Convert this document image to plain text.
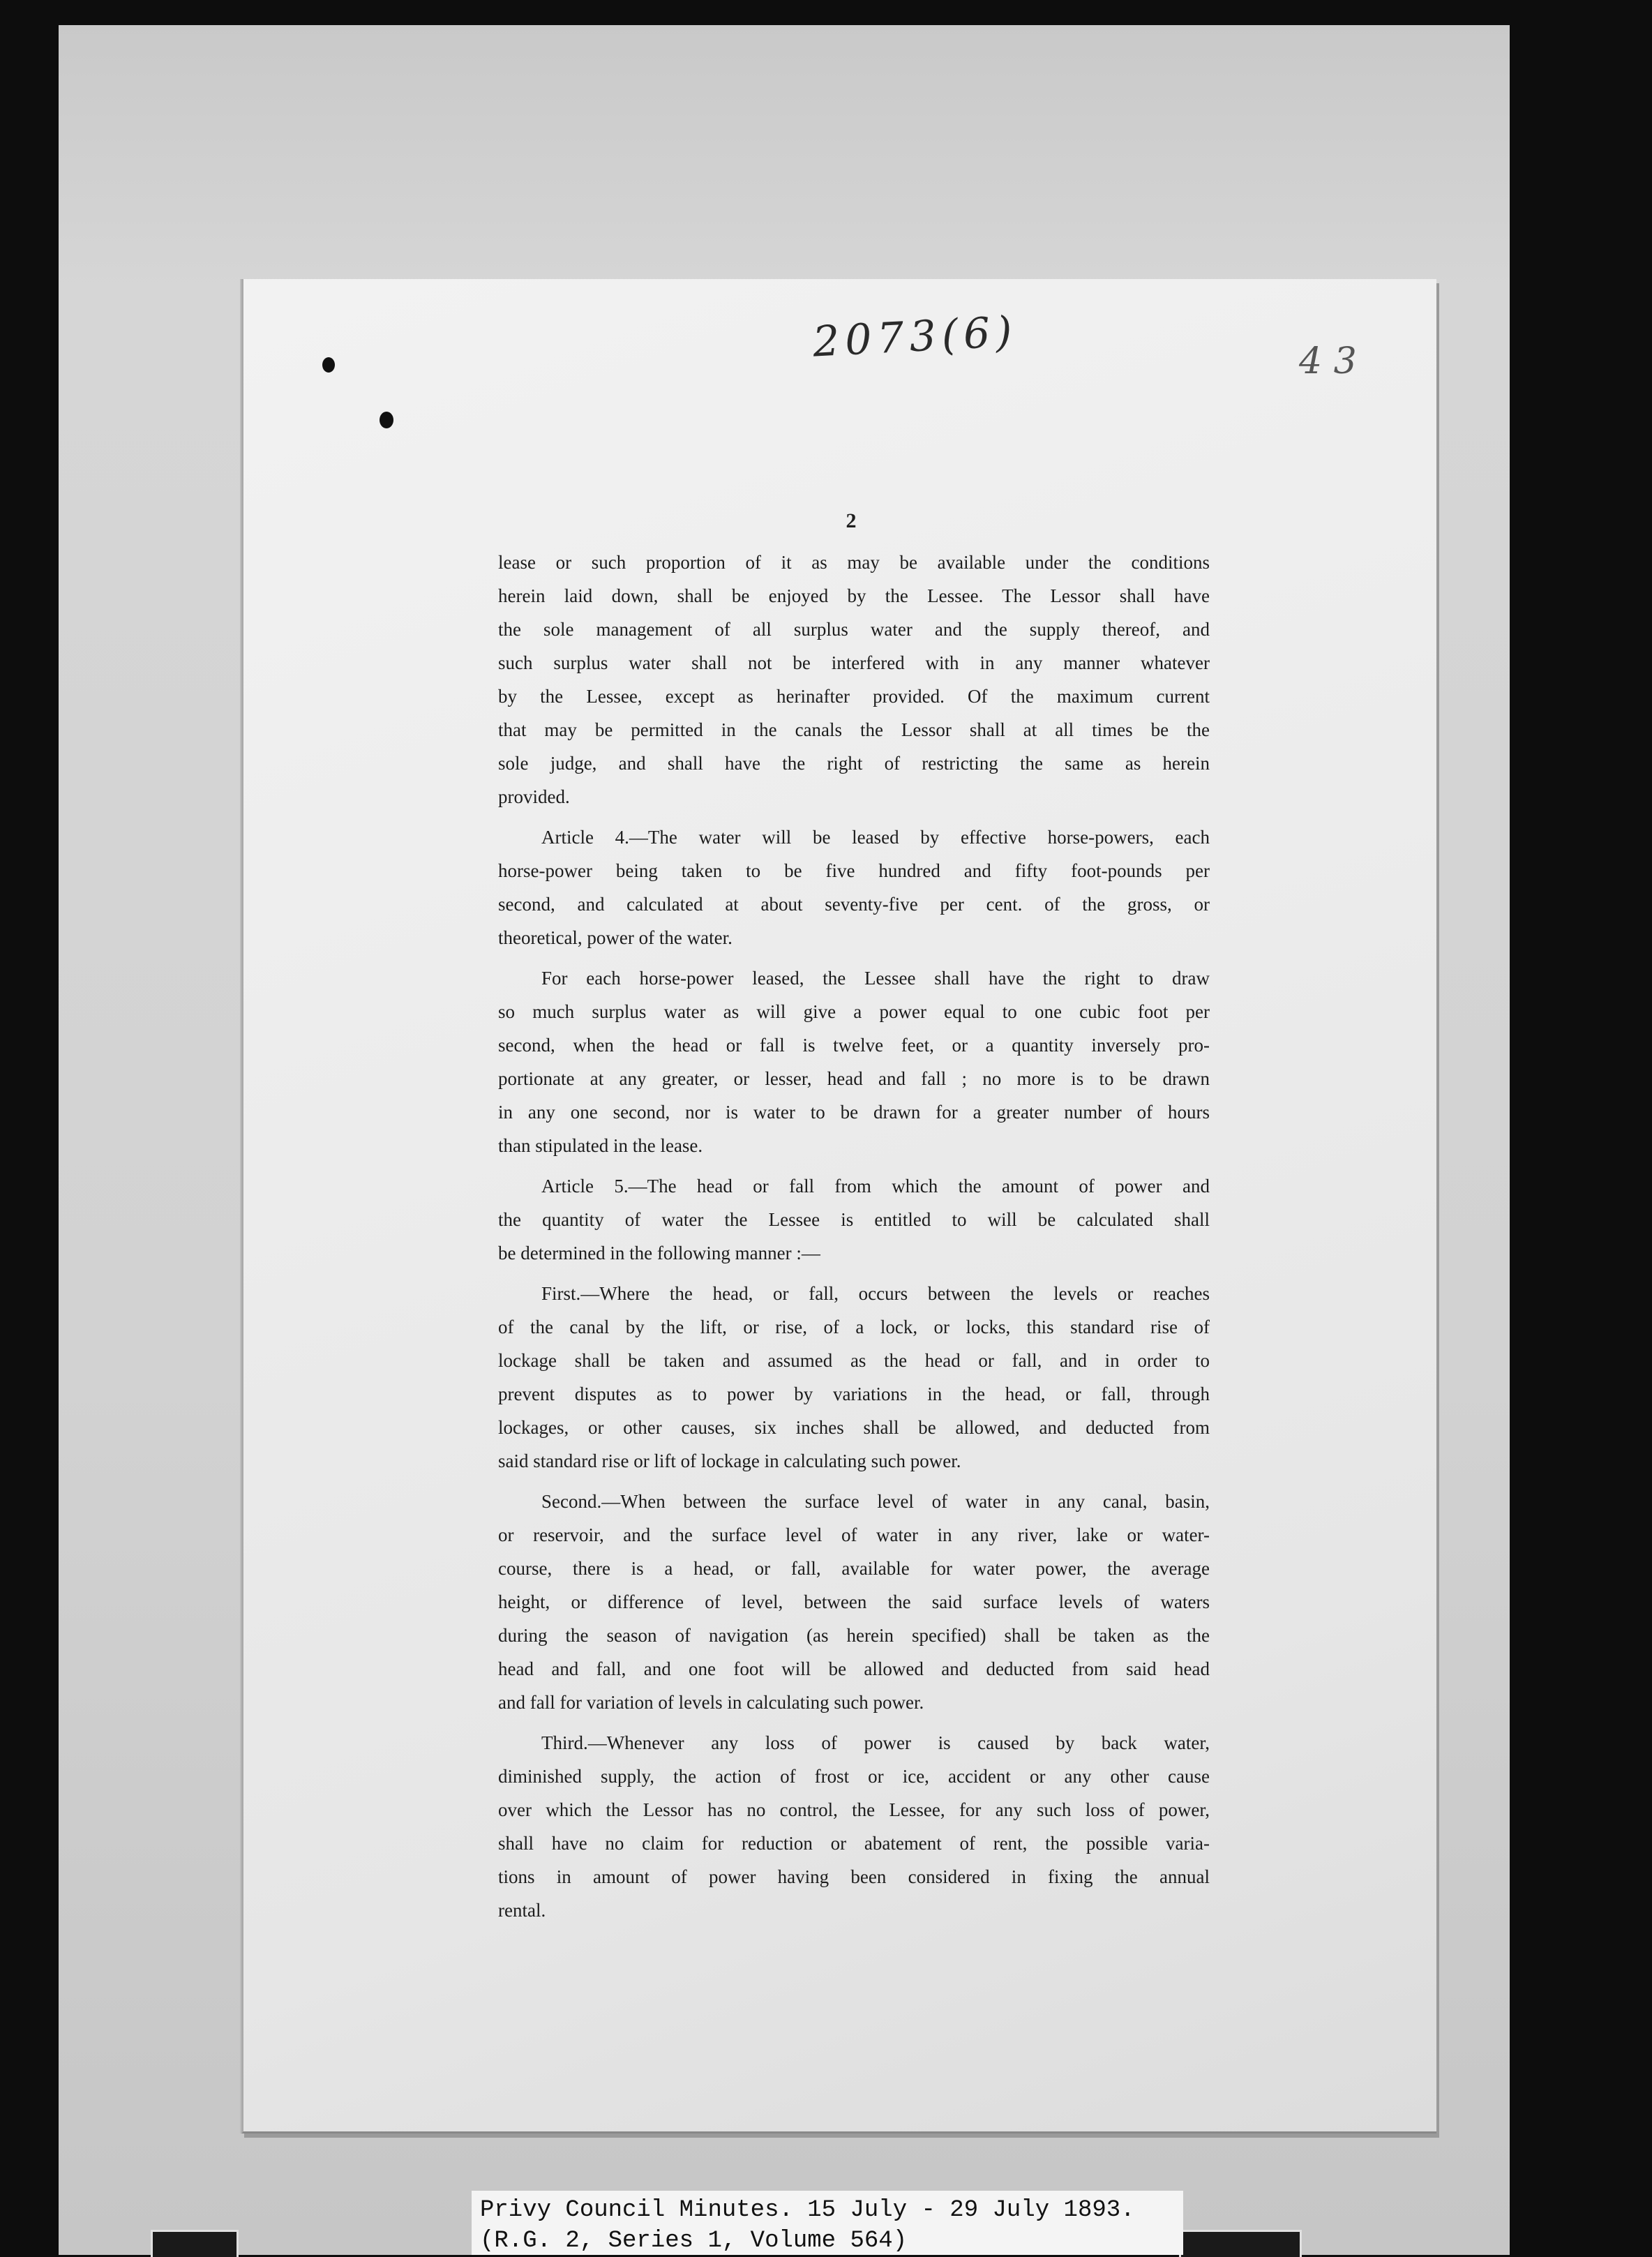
2073(6)	4 3
2
lease or such proportion of it as may be available under the conditions
herein laid down, shall be enjoyed by the Lessee. The Lessor shall have
the sole management of all surplus water and the supply thereof, and
such surplus water shall not be interfered with in any manner whatever
by the Lessee, except as herinafter provided. Of the maximum current
that may be permitted in the canals the Lessor shall at all times be the
sole judge, and shall have the right of restricting the same as herein
provided.
Article 4.—The water will be leased by effective horse-powers, each
horse-power being taken to be five hundred and fifty foot-pounds per
second, and calculated at about seventy-five per cent. of the gross, or
theoretical, power of the water.
For each horse-power leased, the Lessee shall have the right to draw
so much surplus water as will give a power equal to one cubic foot per
second, when the head or fall is twelve feet, or a quantity inversely pro-
portionate at any greater, or lesser, head and fall ; no more is to be drawn
in any one second, nor is water to be drawn for a greater number of hours
than stipulated in the lease.
Article 5.—The head or fall from which the amount of power and
the quantity of water the Lessee is entitled to will be calculated shall
be determined in the following manner :—
First.—Where the head, or fall, occurs between the levels or reaches
of the canal by the lift, or rise, of a lock, or locks, this standard rise of
lockage shall be taken and assumed as the head or fall, and in order to
prevent disputes as to power by variations in the head, or fall, through
lockages, or other causes, six inches shall be allowed, and deducted from
said standard rise or lift of lockage in calculating such power.
Second.—When between the surface level of water in any canal, basin,
or reservoir, and the surface level of water in any river, lake or water-
course, there is a head, or fall, available for water power, the average
height, or difference of level, between the said surface levels of waters
during the season of navigation (as herein specified) shall be taken as the
head and fall, and one foot will be allowed and deducted from said head
and fall for variation of levels in calculating such power.
Third.—Whenever any loss of power is caused by back water,
diminished supply, the action of frost or ice, accident or any other cause
over which the Lessor has no control, the Lessee, for any such loss of power,
shall have no claim for reduction or abatement of rent, the possible varia-
tions in amount of power having been considered in fixing the annual
rental.
Privy Council Minutes. 15 July - 29 July 1893.
(R.G. 2, Series 1, Volume 564)
